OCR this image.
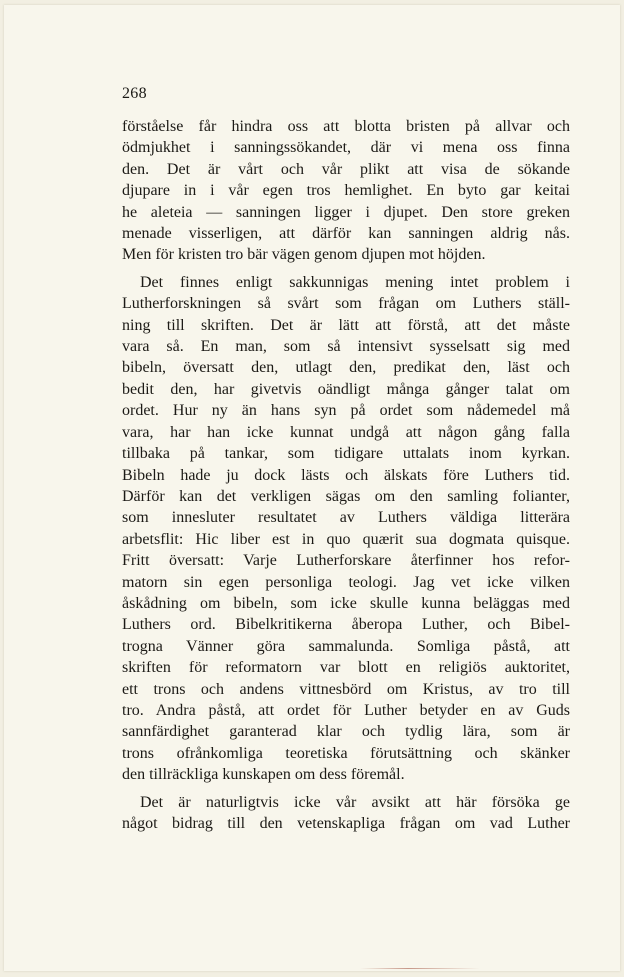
268

förståelse får hindra oss att blotta bristen på allvar och
ödmjukhet i sanningssökandet, där vi mena oss finna
den. Det är vårt och vår plikt att visa de sökande
djupare in i vår egen tros hemlighet. En byto gar keitai
he aleteia — sanningen ligger i djupet. Den store greken
menade visserligen, att därför kan sanningen aldrig nås.
Men för kristen tro bär vägen genom djupen mot höjden.

Det finnes enligt sakkunnigas mening intet problem i
Lutherforskningen så svårt som frågan om Luthers ställ-
ning till skriften. Det är lätt att förstå, att det måste
vara så. En man, som så intensivt sysselsatt sig med
bibeln, översatt den, utlagt den, predikat den, läst och
bedit den, har givetvis oändligt många gånger talat om
ordet. Hur ny än hans syn på ordet som nådemedel må
vara, har han icke kunnat undgå att någon gång falla
tillbaka på tankar, som tidigare uttalats inom kyrkan.
Bibeln hade ju dock lästs och älskats före Luthers tid.
Därför kan det verkligen sägas om den samling folianter,
som innesluter resultatet av Luthers väldiga litterära
arbetsflit: Hic liber est in quo quærit sua dogmata quisque.
Fritt översatt: Varje Lutherforskare återfinner hos refor-
matorn sin egen personliga teologi. Jag vet icke vilken
åskådning om bibeln, som icke skulle kunna beläggas med
Luthers ord. Bibelkritikerna åberopa Luther, och Bibel-
trogna Vänner göra sammalunda. Somliga påstå, att
skriften för reformatorn var blott en religiös auktoritet,
ett trons och andens vittnesbörd om Kristus, av tro till
tro. Andra påstå, att ordet för Luther betyder en av Guds
sannfärdighet garanterad klar och tydlig lära, som är
trons ofrånkomliga teoretiska förutsättning och skänker
den tillräckliga kunskapen om dess föremål.

Det är naturligtvis icke vår avsikt att här försöka ge
något bidrag till den vetenskapliga frågan om vad Luther
